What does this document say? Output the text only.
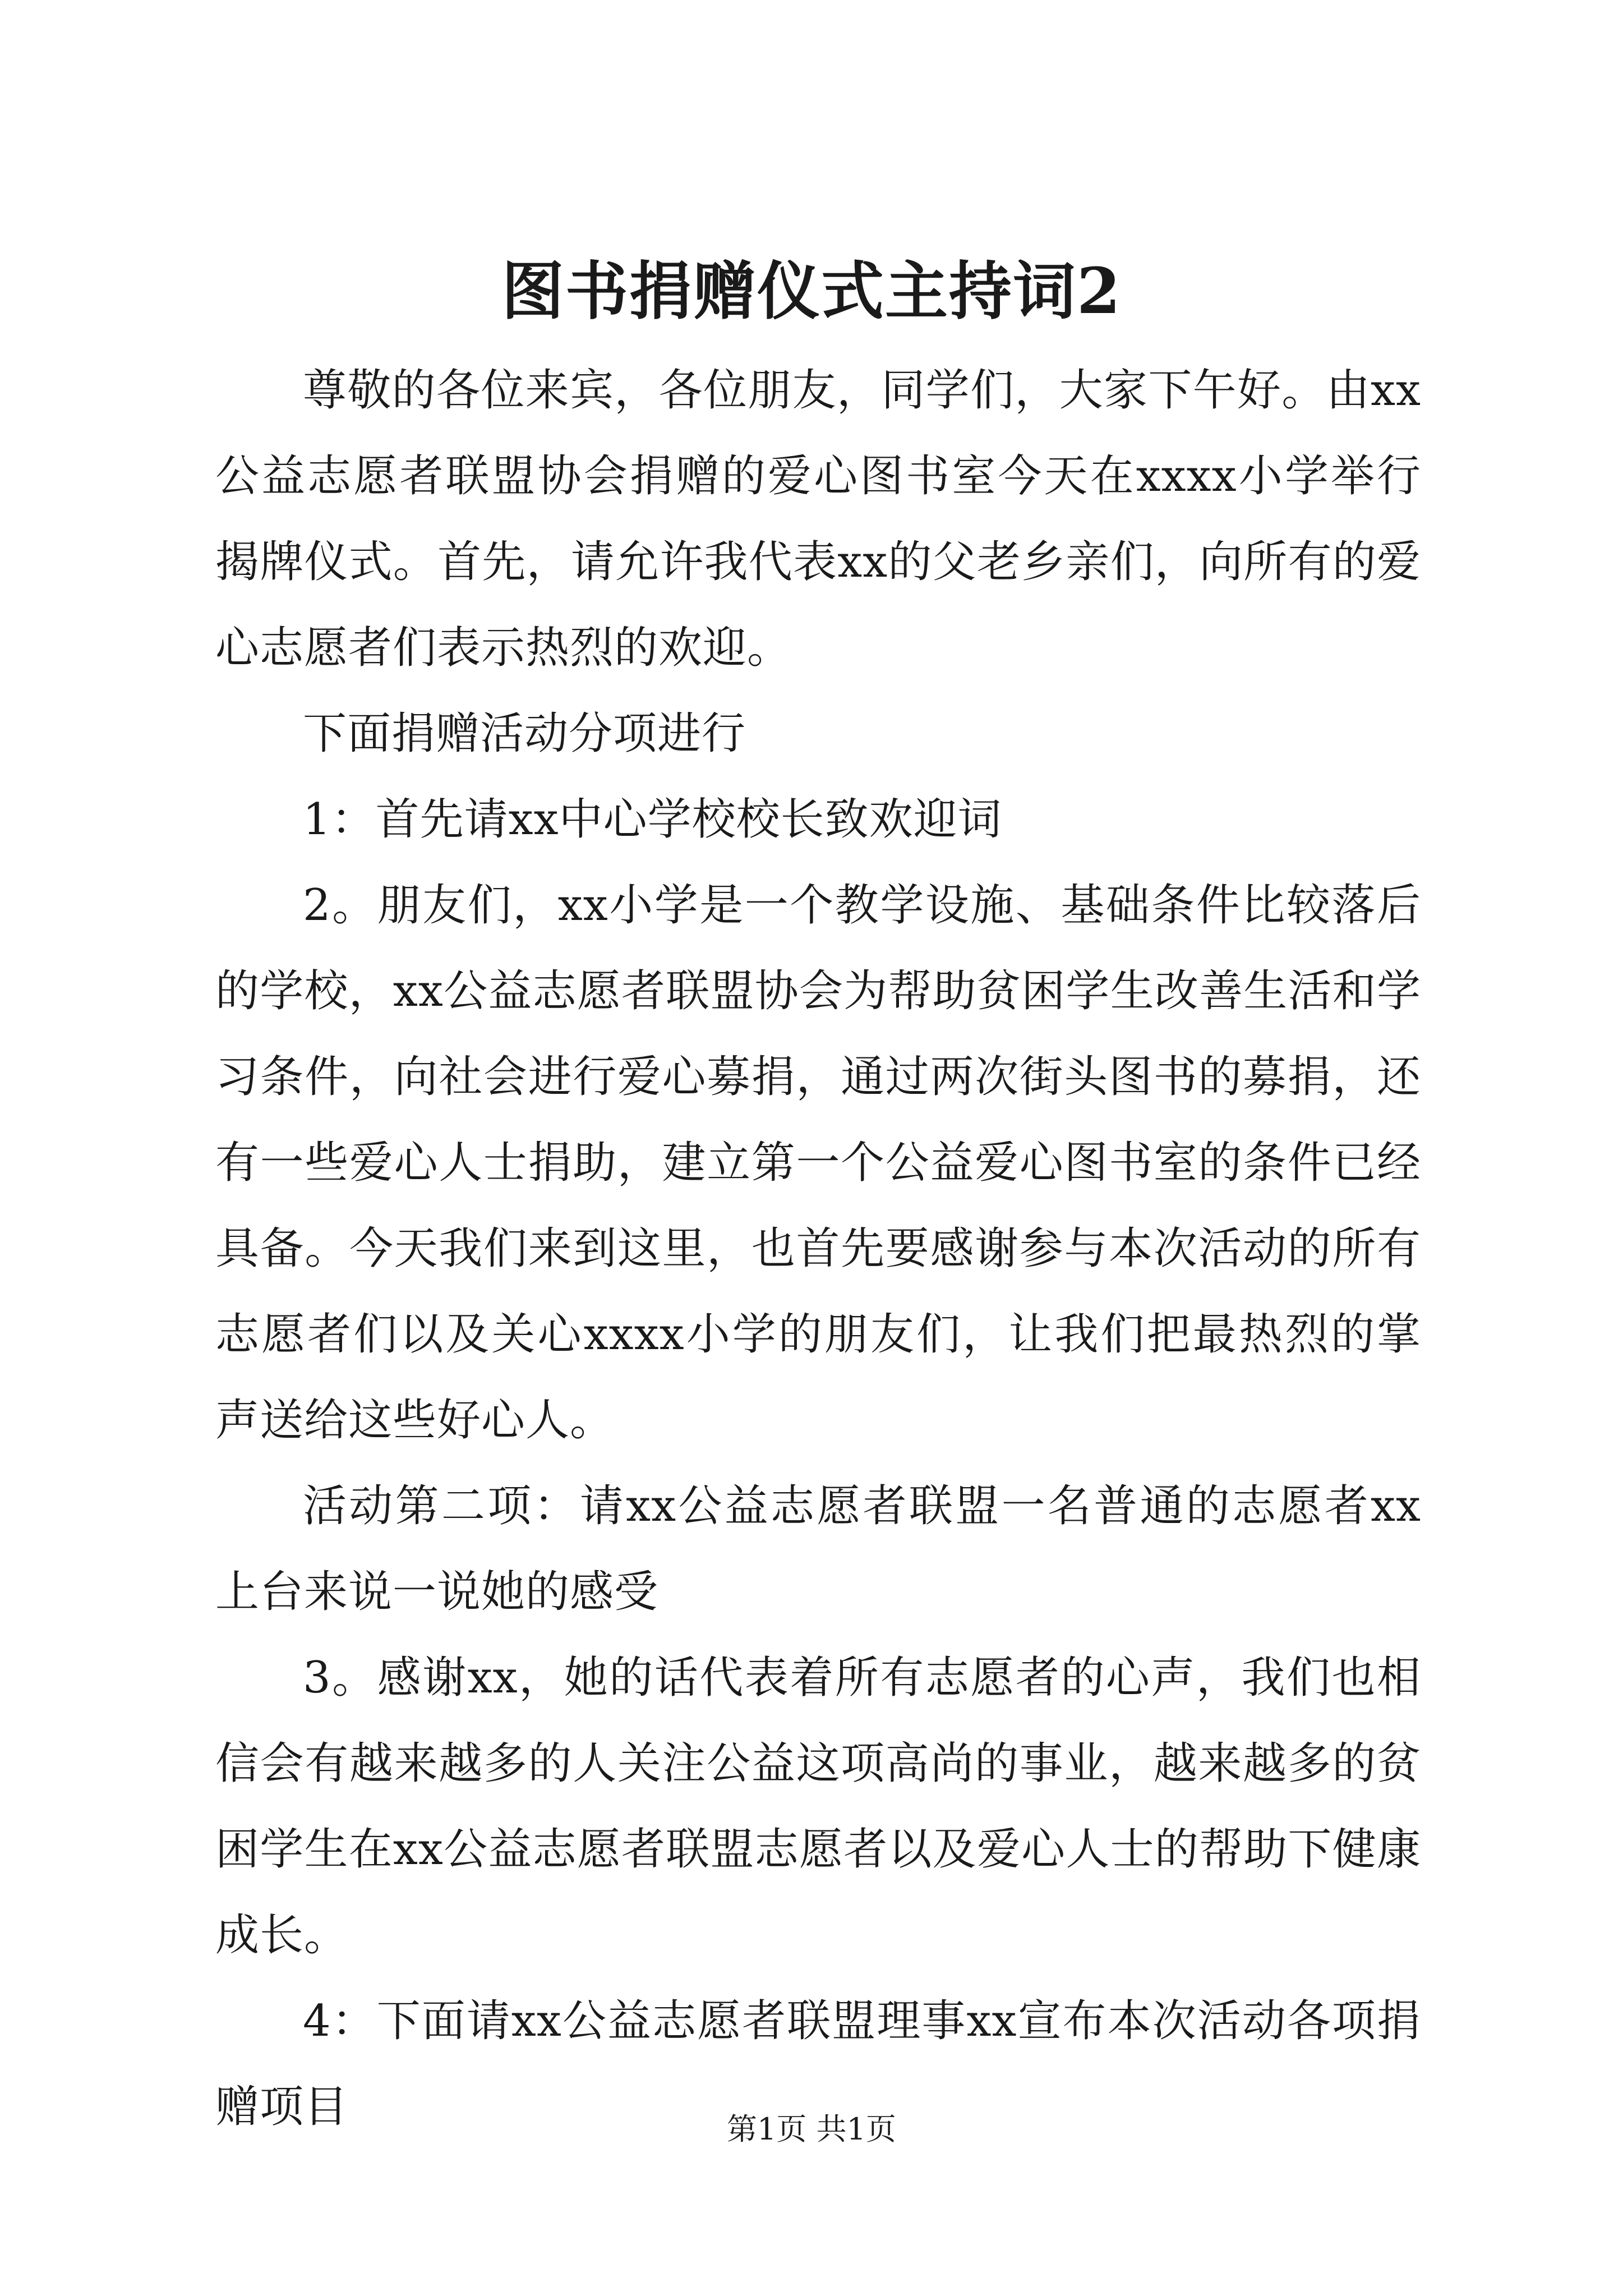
图书捐赠仪式主持词2

尊敬的各位来宾，各位朋友，同学们，大家下午好。由xx公益志愿者联盟协会捐赠的爱心图书室今天在xxxx小学举行揭牌仪式。首先，请允许我代表xx的父老乡亲们，向所有的爱心志愿者们表示热烈的欢迎。

下面捐赠活动分项进行

1：首先请xx中心学校校长致欢迎词

2。朋友们，xx小学是一个教学设施、基础条件比较落后的学校，xx公益志愿者联盟协会为帮助贫困学生改善生活和学习条件，向社会进行爱心募捐，通过两次街头图书的募捐，还有一些爱心人士捐助，建立第一个公益爱心图书室的条件已经具备。今天我们来到这里，也首先要感谢参与本次活动的所有志愿者们以及关心xxxx小学的朋友们，让我们把最热烈的掌声送给这些好心人。

活动第二项：请xx公益志愿者联盟一名普通的志愿者xx上台来说一说她的感受

3。感谢xx，她的话代表着所有志愿者的心声，我们也相信会有越来越多的人关注公益这项高尚的事业，越来越多的贫困学生在xx公益志愿者联盟志愿者以及爱心人士的帮助下健康成长。

4：下面请xx公益志愿者联盟理事xx宣布本次活动各项捐赠项目	第1页 共1页
